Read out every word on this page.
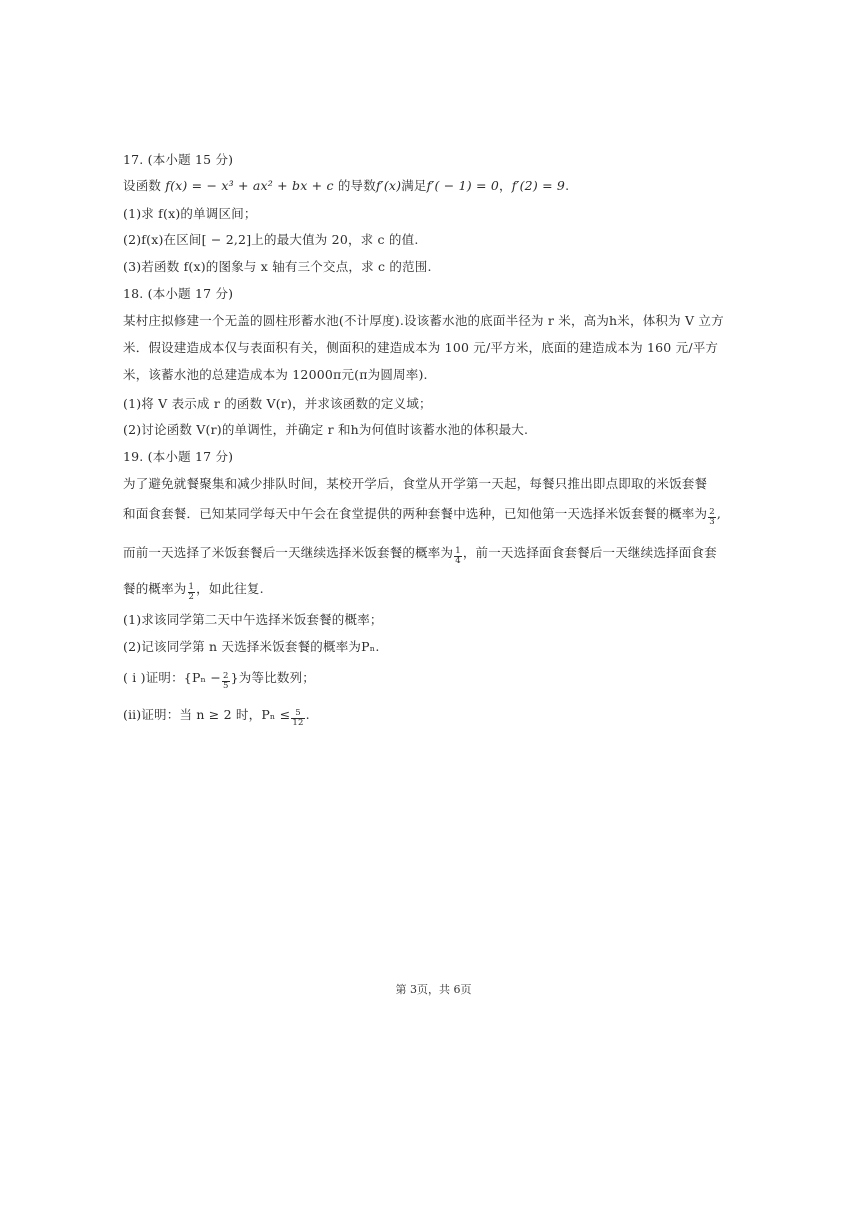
17. (本小题 15 分)
设函数 f(x) = − x³ + ax² + bx + c 的导数f′(x)满足f′( − 1) = 0，f′(2) = 9.
(1)求 f(x)的单调区间；
(2)f(x)在区间[ − 2,2]上的最大值为 20，求 c 的值.
(3)若函数 f(x)的图象与 x 轴有三个交点，求 c 的范围.
18. (本小题 17 分)
某村庄拟修建一个无盖的圆柱形蓄水池(不计厚度).设该蓄水池的底面半径为 r 米，高为h米，体积为 V 立方
米．假设建造成本仅与表面积有关，侧面积的建造成本为 100 元/平方米，底面的建造成本为 160 元/平方
米，该蓄水池的总建造成本为 12000π元(π为圆周率).
(1)将 V 表示成 r 的函数 V(r)，并求该函数的定义域；
(2)讨论函数 V(r)的单调性，并确定 r 和h为何值时该蓄水池的体积最大.
19. (本小题 17 分)
为了避免就餐聚集和减少排队时间，某校开学后，食堂从开学第一天起，每餐只推出即点即取的米饭套餐
和面食套餐．已知某同学每天中午会在食堂提供的两种套餐中选种，已知他第一天选择米饭套餐的概率为 $\frac{2}{3}$ ,
而前一天选择了米饭套餐后一天继续选择米饭套餐的概率为 $\frac{1}{4}$ ，前一天选择面食套餐后一天继续选择面食套
餐的概率为 $\frac{1}{2}$ ，如此往复.
(1)求该同学第二天中午选择米饭套餐的概率；
(2)记该同学第 n 天选择米饭套餐的概率为Pₙ.
( ⅰ )证明：{$P_n - \frac{2}{5}$ }为等比数列；
(ⅱ)证明：当 n ≥ 2 时，$P_n \le \frac{5}{12}$ .
第 3页，共 6页
